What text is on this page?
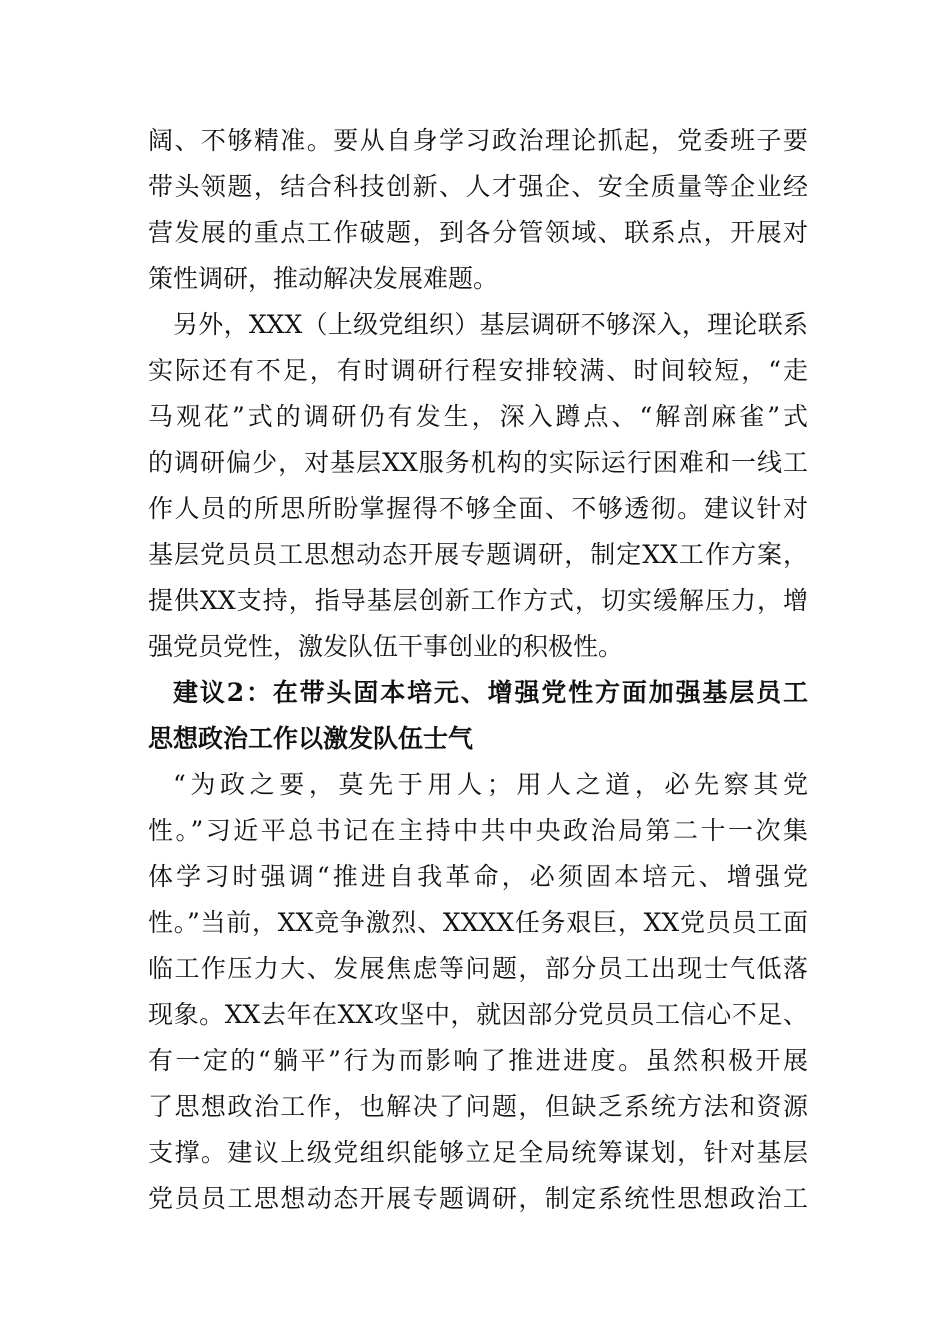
阔、不够精准。要从自身学习政治理论抓起，党委班子要
带头领题，结合科技创新、人才强企、安全质量等企业经
营发展的重点工作破题，到各分管领域、联系点，开展对
策性调研，推动解决发展难题。
另外，XXX（上级党组织）基层调研不够深入，理论联系
实际还有不足，有时调研行程安排较满、时间较短，“走
马观花”式的调研仍有发生，深入蹲点、“解剖麻雀”式
的调研偏少，对基层XX服务机构的实际运行困难和一线工
作人员的所思所盼掌握得不够全面、不够透彻。建议针对
基层党员员工思想动态开展专题调研，制定XX工作方案，
提供XX支持，指导基层创新工作方式，切实缓解压力，增
强党员党性，激发队伍干事创业的积极性。
建议2：在带头固本培元、增强党性方面加强基层员工
思想政治工作以激发队伍士气
“为政之要，莫先于用人；用人之道，必先察其党
性。”习近平总书记在主持中共中央政治局第二十一次集
体学习时强调“推进自我革命，必须固本培元、增强党
性。”当前，XX竞争激烈、XXXX任务艰巨，XX党员员工面
临工作压力大、发展焦虑等问题，部分员工出现士气低落
现象。XX去年在XX攻坚中，就因部分党员员工信心不足、
有一定的“躺平”行为而影响了推进进度。虽然积极开展
了思想政治工作，也解决了问题，但缺乏系统方法和资源
支撑。建议上级党组织能够立足全局统筹谋划，针对基层
党员员工思想动态开展专题调研，制定系统性思想政治工
